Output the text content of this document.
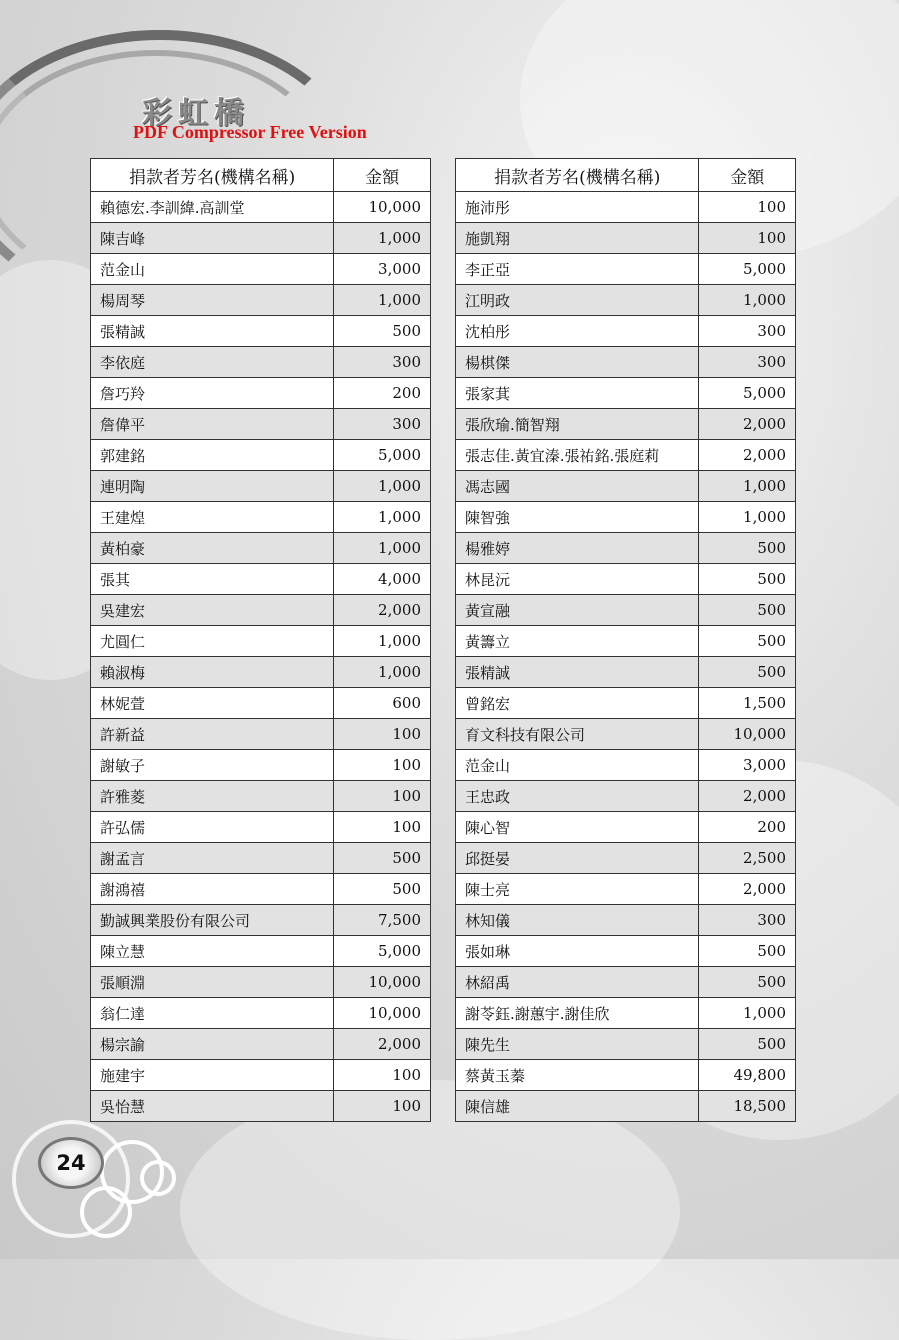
彩虹橋
PDF Compressor Free Version
捐款者芳名(機構名稱)	金額
賴德宏.李訓緯.高訓堂	10,000
陳吉峰	1,000
范金山	3,000
楊周琴	1,000
張精誠	500
李依庭	300
詹巧羚	200
詹偉平	300
郭建銘	5,000
連明陶	1,000
王建煌	1,000
黃柏豪	1,000
張其	4,000
吳建宏	2,000
尤圓仁	1,000
賴淑梅	1,000
林妮萱	600
許新益	100
謝敏子	100
許雅菱	100
許弘儒	100
謝孟言	500
謝鴻禧	500
勤誠興業股份有限公司	7,500
陳立慧	5,000
張順淵	10,000
翁仁達	10,000
楊宗諭	2,000
施建宇	100
吳怡慧	100
捐款者芳名(機構名稱)	金額
施沛彤	100
施凱翔	100
李正亞	5,000
江明政	1,000
沈柏彤	300
楊棋傑	300
張家萁	5,000
張欣瑜.簡智翔	2,000
張志佳.黃宜溱.張祐銘.張庭莉	2,000
馮志國	1,000
陳智強	1,000
楊雅婷	500
林昆沅	500
黃宣融	500
黃籌立	500
張精誠	500
曾銘宏	1,500
育文科技有限公司	10,000
范金山	3,000
王忠政	2,000
陳心智	200
邱挺晏	2,500
陳士亮	2,000
林知儀	300
張如琳	500
林紹禹	500
謝苓鈺.謝蕙宇.謝佳欣	1,000
陳先生	500
蔡黃玉蓁	49,800
陳信雄	18,500
24
